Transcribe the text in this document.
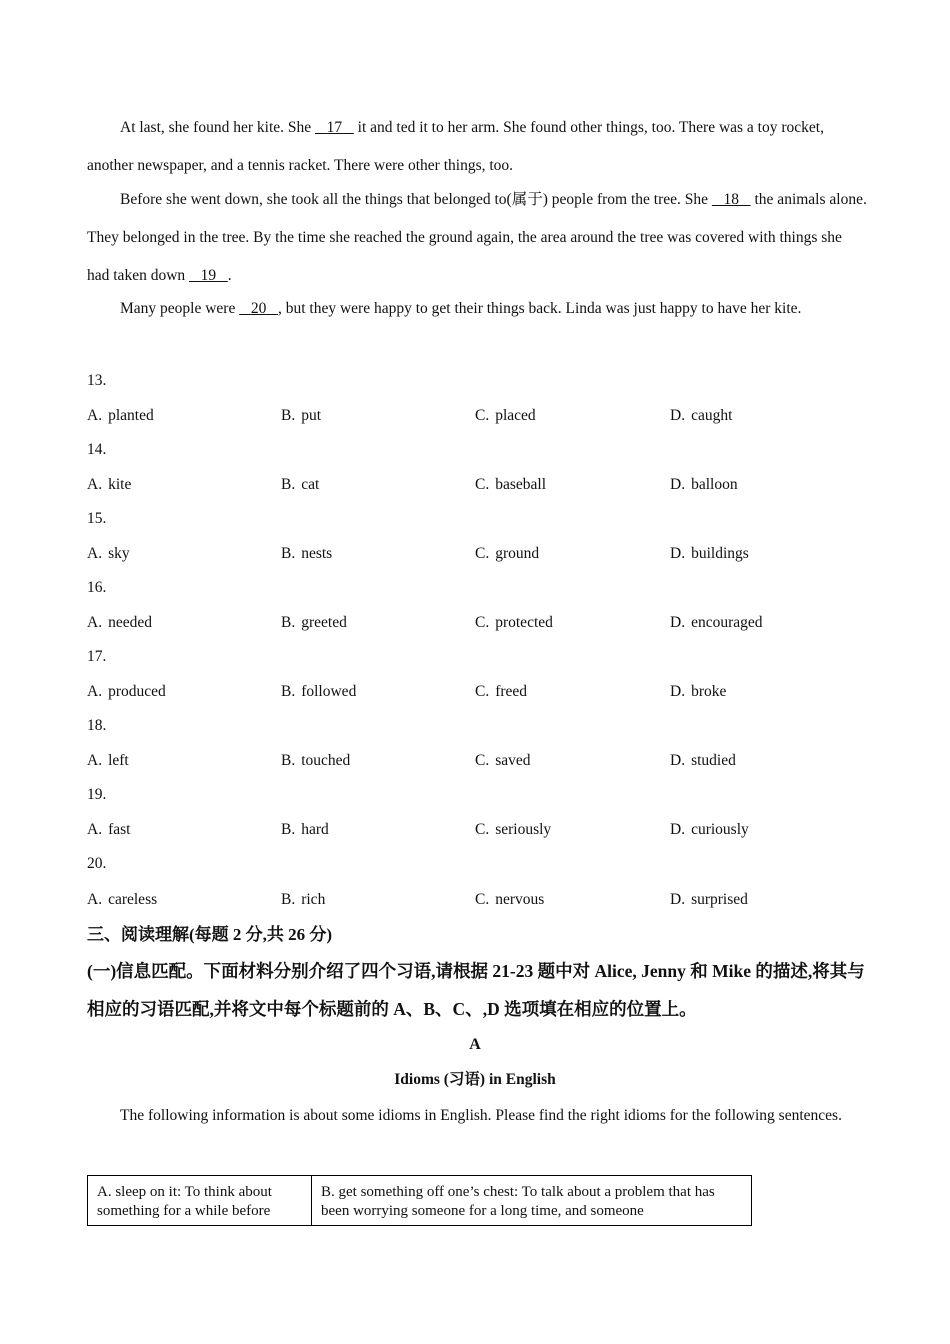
At last, she found her kite. She    17    it and ted it to her arm. She found other things, too. There was a toy rocket, another newspaper, and a tennis racket. There were other things, too.
Before she went down, she took all the things that belonged to(属于) people from the tree. She    18    the animals alone. They belonged in the tree. By the time she reached the ground again, the area around the tree was covered with things she had taken down    19 .
Many people were    20 , but they were happy to get their things back. Linda was just happy to have her kite.
13.
A. planted	B. put	C. placed	D. caught
14.
A. kite	B. cat	C. baseball	D. balloon
15.
A. sky	B. nests	C. ground	D. buildings
16.
A. needed	B. greeted	C. protected	D. encouraged
17.
A. produced	B. followed	C. freed	D. broke
18.
A. left	B. touched	C. saved	D. studied
19.
A. fast	B. hard	C. seriously	D. curiously
20.
A. careless	B. rich	C. nervous	D. surprised
三、阅读理解(每题 2 分,共 26 分)
(一)信息匹配。下面材料分别介绍了四个习语,请根据 21-23 题中对 Alice, Jenny 和 Mike 的描述,将其与相应的习语匹配,并将文中每个标题前的 A、B、C、,D 选项填在相应的位置上。
A
Idioms (习语) in English
The following information is about some idioms in English. Please find the right idioms for the following sentences.
A. sleep on it: To think about something for a while before
B. get something off one’s chest: To talk about a problem that has been worrying someone for a long time, and someone
